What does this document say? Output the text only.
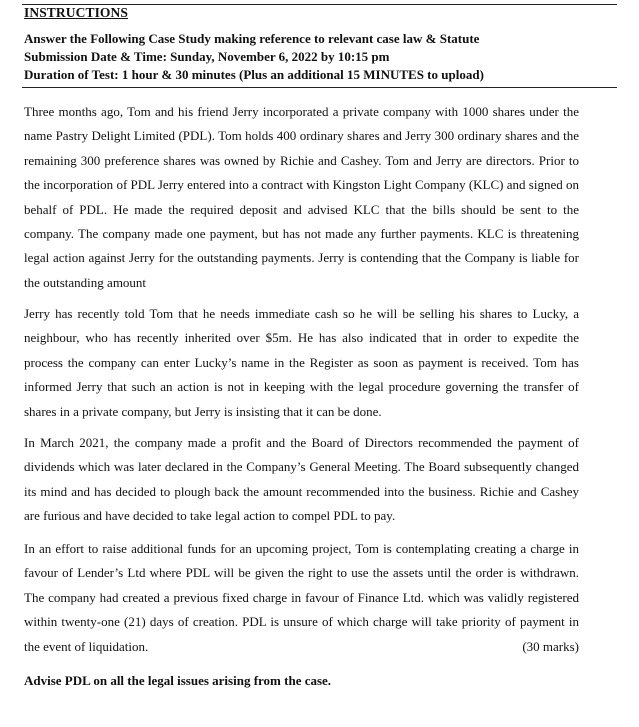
INSTRUCTIONS
Answer the Following Case Study making reference to relevant case law & Statute
Submission Date & Time: Sunday, November 6, 2022 by 10:15 pm
Duration of Test: 1 hour & 30 minutes (Plus an additional 15 MINUTES to upload)

Three months ago, Tom and his friend Jerry incorporated a private company with 1000 shares under the name Pastry Delight Limited (PDL). Tom holds 400 ordinary shares and Jerry 300 ordinary shares and the remaining 300 preference shares was owned by Richie and Cashey. Tom and Jerry are directors. Prior to the incorporation of PDL Jerry entered into a contract with Kingston Light Company (KLC) and signed on behalf of PDL. He made the required deposit and advised KLC that the bills should be sent to the company. The company made one payment, but has not made any further payments. KLC is threatening legal action against Jerry for the outstanding payments. Jerry is contending that the Company is liable for the outstanding amount

Jerry has recently told Tom that he needs immediate cash so he will be selling his shares to Lucky, a neighbour, who has recently inherited over $5m. He has also indicated that in order to expedite the process the company can enter Lucky’s name in the Register as soon as payment is received. Tom has informed Jerry that such an action is not in keeping with the legal procedure governing the transfer of shares in a private company, but Jerry is insisting that it can be done.

In March 2021, the company made a profit and the Board of Directors recommended the payment of dividends which was later declared in the Company’s General Meeting. The Board subsequently changed its mind and has decided to plough back the amount recommended into the business. Richie and Cashey are furious and have decided to take legal action to compel PDL to pay.

In an effort to raise additional funds for an upcoming project, Tom is contemplating creating a charge in favour of Lender’s Ltd where PDL will be given the right to use the assets until the order is withdrawn. The company had created a previous fixed charge in favour of Finance Ltd. which was validly registered within twenty-one (21) days of creation. PDL is unsure of which charge will take priority of payment in the event of liquidation.	(30 marks)

Advise PDL on all the legal issues arising from the case.
